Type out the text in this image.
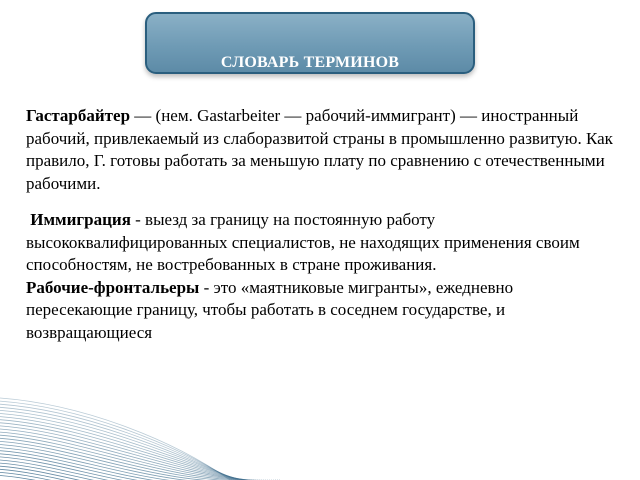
СЛОВАРЬ ТЕРМИНОВ

Гастарбайтер — (нем. Gastarbeiter — рабочий-иммигрант) — иностранный рабочий, привлекаемый из слаборазвитой страны в промышленно развитую. Как правило, Г. готовы работать за меньшую плату по сравнению с отечественными рабочими.

Иммиграция - выезд за границу на постоянную работу высококвалифицированных специалистов, не находящих применения своим способностям, не востребованных в стране проживания.

Рабочие-фронтальеры - это «маятниковые мигранты», ежедневно пересекающие границу, чтобы работать в соседнем государстве, и возвращающиеся
